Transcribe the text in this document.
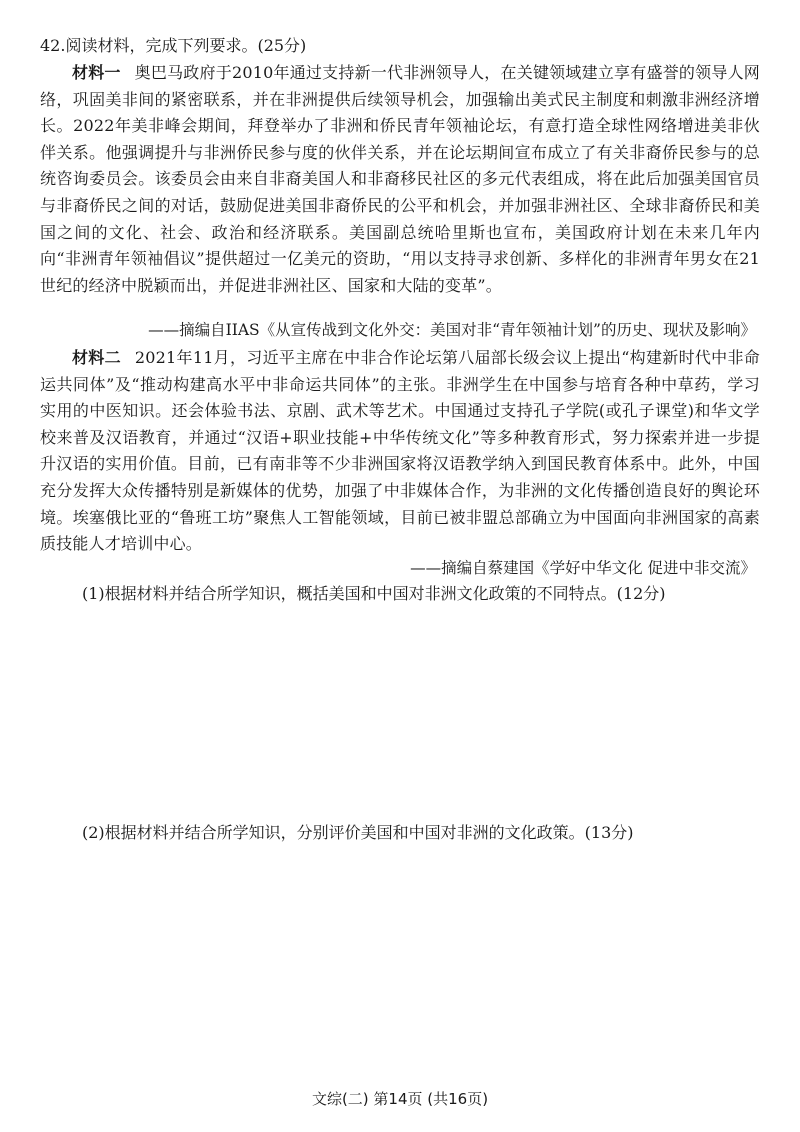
42.阅读材料，完成下列要求。(25分)

材料一 奥巴马政府于2010年通过支持新一代非洲领导人，在关键领域建立享有盛誉的领导人网络，巩固美非间的紧密联系，并在非洲提供后续领导机会，加强输出美式民主制度和刺激非洲经济增长。2022年美非峰会期间，拜登举办了非洲和侨民青年领袖论坛，有意打造全球性网络增进美非伙伴关系。他强调提升与非洲侨民参与度的伙伴关系，并在论坛期间宣布成立了有关非裔侨民参与的总统咨询委员会。该委员会由来自非裔美国人和非裔移民社区的多元代表组成，将在此后加强美国官员与非裔侨民之间的对话，鼓励促进美国非裔侨民的公平和机会，并加强非洲社区、全球非裔侨民和美国之间的文化、社会、政治和经济联系。美国副总统哈里斯也宣布，美国政府计划在未来几年内向“非洲青年领袖倡议”提供超过一亿美元的资助，“用以支持寻求创新、多样化的非洲青年男女在21世纪的经济中脱颖而出，并促进非洲社区、国家和大陆的变革”。

——摘编自IIAS《从宣传战到文化外交：美国对非“青年领袖计划”的历史、现状及影响》

材料二 2021年11月，习近平主席在中非合作论坛第八届部长级会议上提出“构建新时代中非命运共同体”及“推动构建高水平中非命运共同体”的主张。非洲学生在中国参与培育各种中草药，学习实用的中医知识。还会体验书法、京剧、武术等艺术。中国通过支持孔子学院(或孔子课堂)和华文学校来普及汉语教育，并通过“汉语+职业技能+中华传统文化”等多种教育形式，努力探索并进一步提升汉语的实用价值。目前，已有南非等不少非洲国家将汉语教学纳入到国民教育体系中。此外，中国充分发挥大众传播特别是新媒体的优势，加强了中非媒体合作，为非洲的文化传播创造良好的舆论环境。埃塞俄比亚的“鲁班工坊”聚焦人工智能领域，目前已被非盟总部确立为中国面向非洲国家的高素质技能人才培训中心。

——摘编自蔡建国《学好中华文化 促进中非交流》
(1)根据材料并结合所学知识，概括美国和中国对非洲文化政策的不同特点。(12分)
(2)根据材料并结合所学知识，分别评价美国和中国对非洲的文化政策。(13分)
文综(二) 第14页 (共16页)
